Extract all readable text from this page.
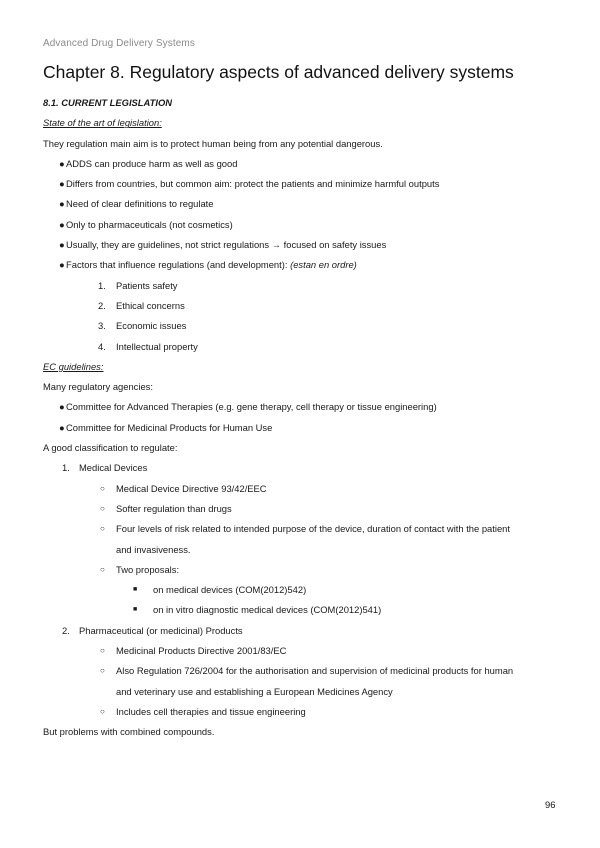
Advanced Drug Delivery Systems
Chapter 8. Regulatory aspects of advanced delivery systems
8.1. CURRENT LEGISLATION
State of the art of legislation:
They regulation main aim is to protect human being from any potential dangerous.
● ADDS can produce harm as well as good
● Differs from countries, but common aim: protect the patients and minimize harmful outputs
● Need of clear definitions to regulate
● Only to pharmaceuticals (not cosmetics)
● Usually, they are guidelines, not strict regulations → focused on safety issues
● Factors that influence regulations (and development): (estan en ordre)
1. Patients safety
2. Ethical concerns
3. Economic issues
4. Intellectual property
EC guidelines:
Many regulatory agencies:
● Committee for Advanced Therapies (e.g. gene therapy, cell therapy or tissue engineering)
● Committee for Medicinal Products for Human Use
A good classification to regulate:
1. Medical Devices
○ Medical Device Directive 93/42/EEC
○ Softer regulation than drugs
○ Four levels of risk related to intended purpose of the device, duration of contact with the patient
and invasiveness.
○ Two proposals:
■ on medical devices (COM(2012)542)
■ on in vitro diagnostic medical devices (COM(2012)541)
2. Pharmaceutical (or medicinal) Products
○ Medicinal Products Directive 2001/83/EC
○ Also Regulation 726/2004 for the authorisation and supervision of medicinal products for human
and veterinary use and establishing a European Medicines Agency
○ Includes cell therapies and tissue engineering
But problems with combined compounds.
96
